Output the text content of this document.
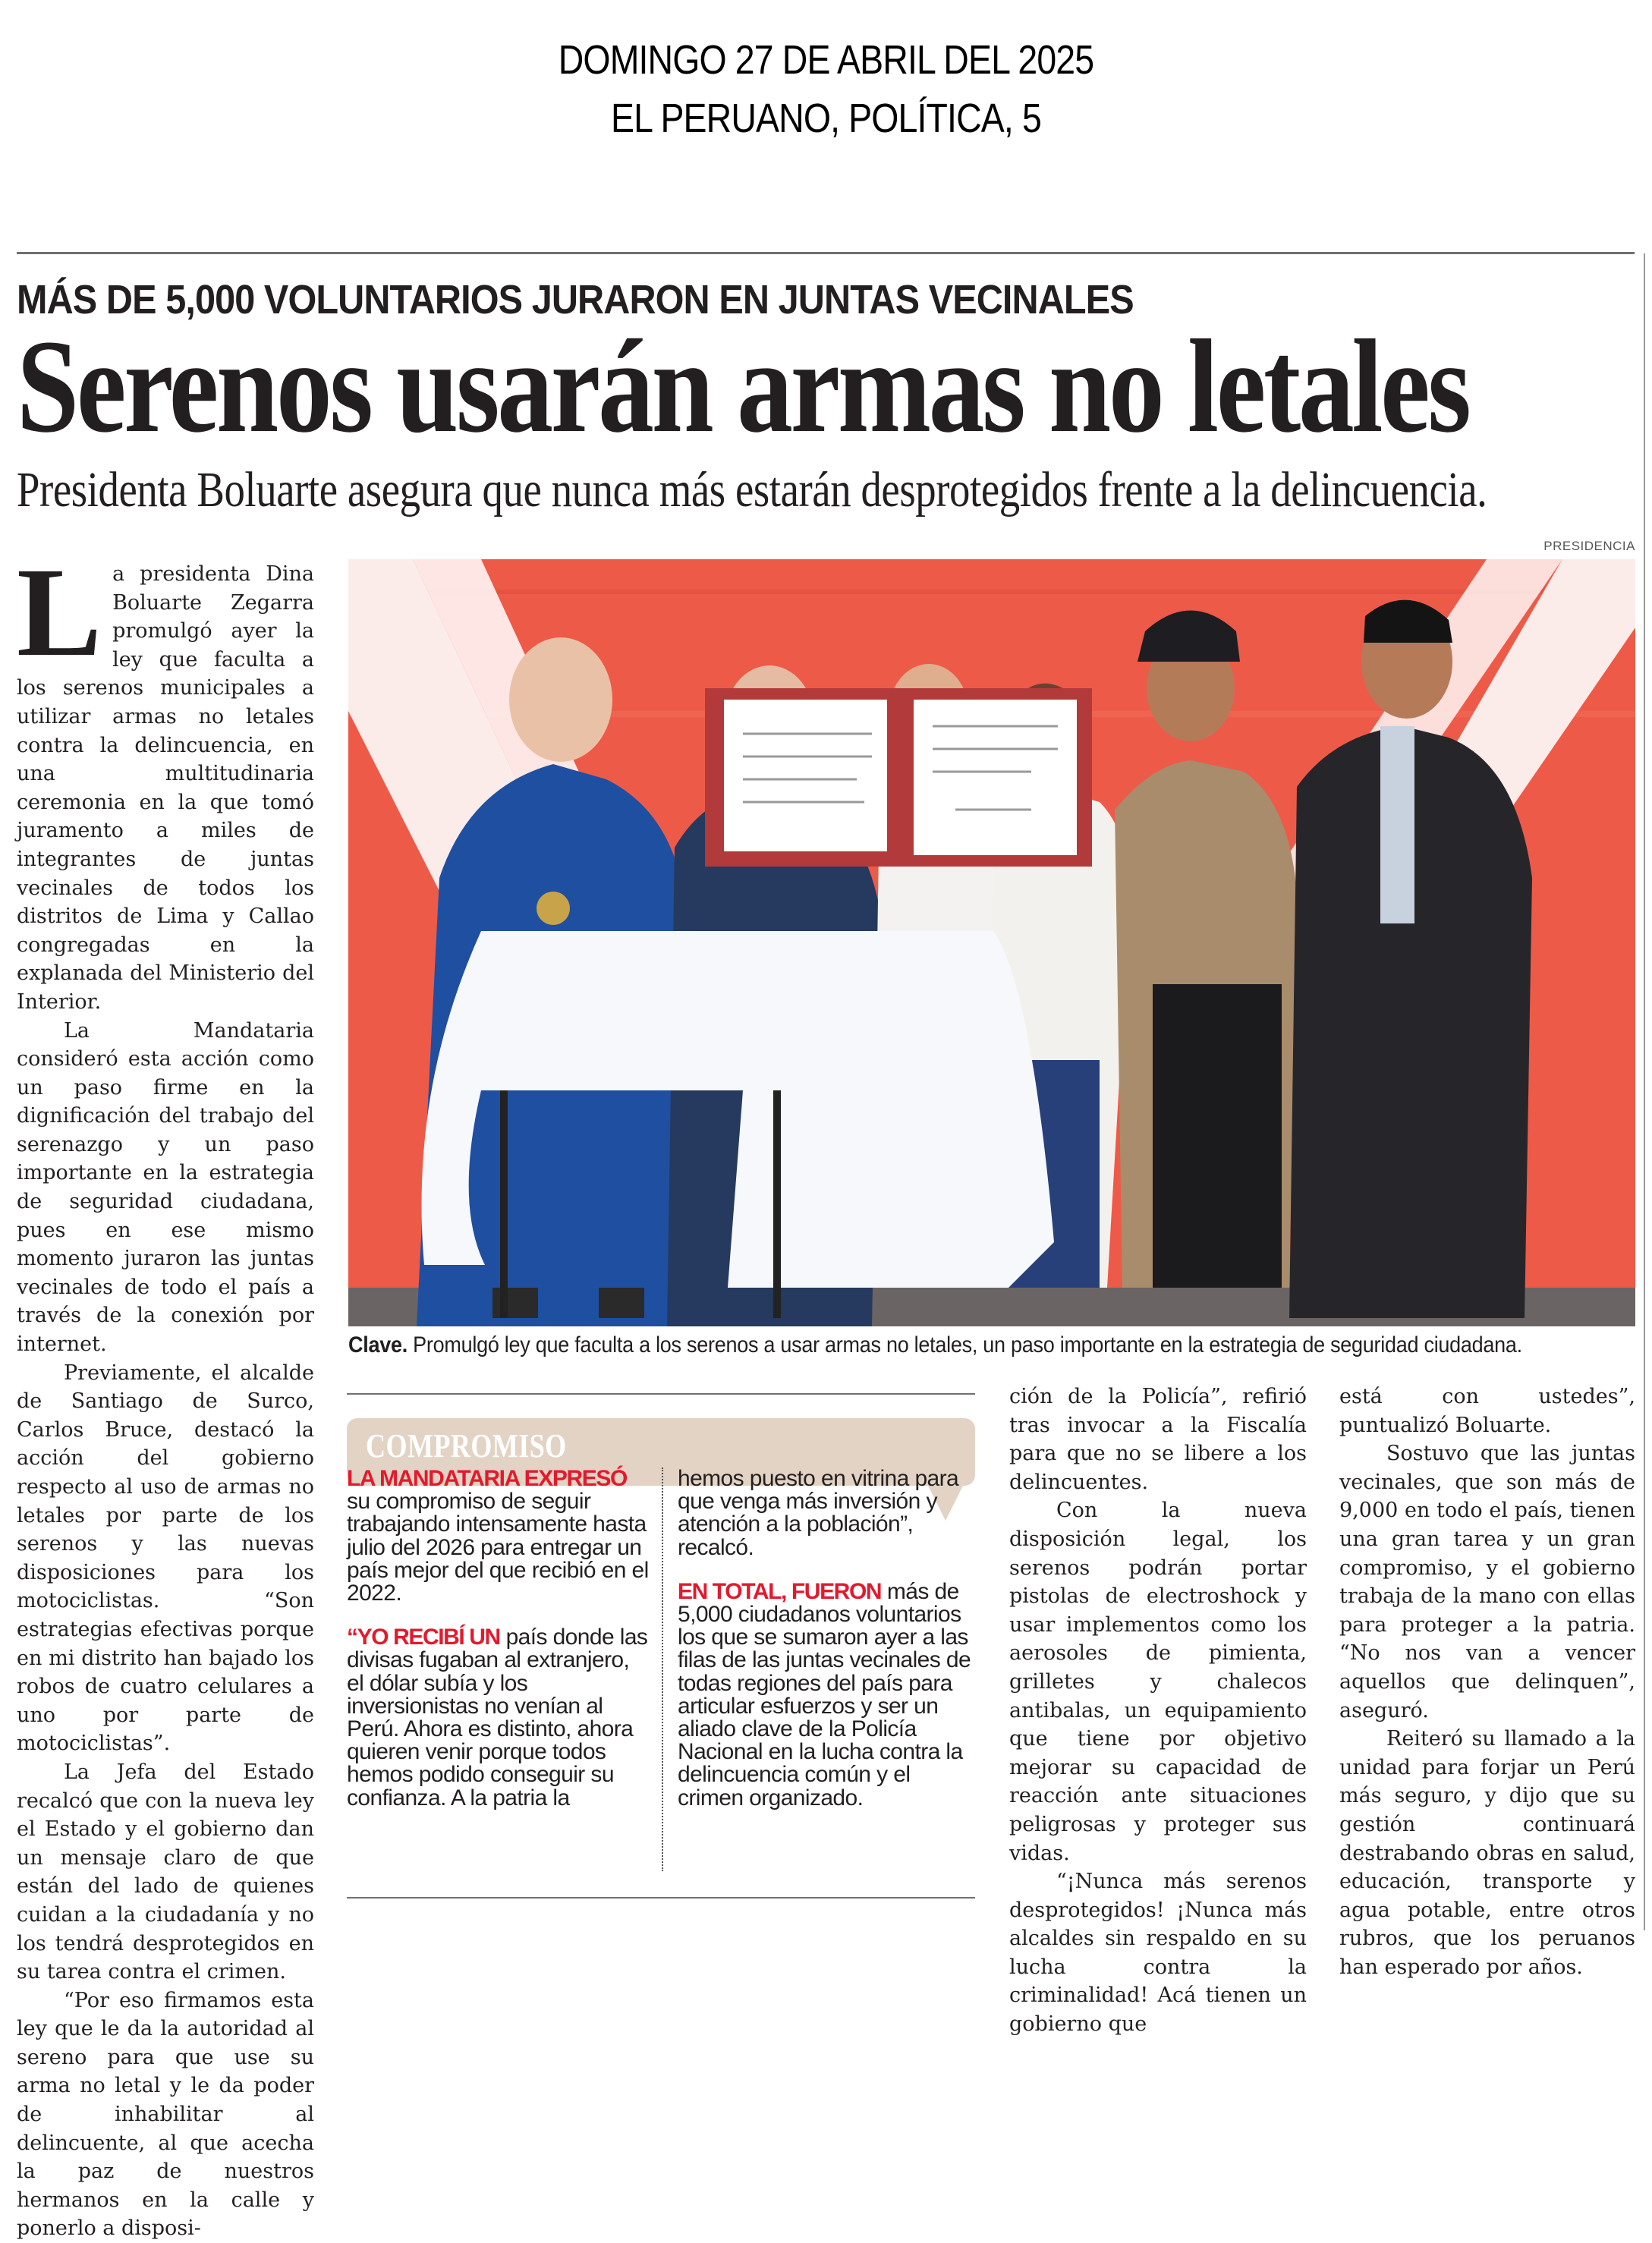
DOMINGO 27 DE ABRIL DEL 2025
EL PERUANO, POLÍTICA, 5
MÁS DE 5,000 VOLUNTARIOS JURARON EN JUNTAS VECINALES
Serenos usarán armas no letales
Presidenta Boluarte asegura que nunca más estarán desprotegidos frente a la delincuencia.
PRESIDENCIA

La presidenta Dina Boluarte Zegarra promulgó ayer la ley que faculta a los serenos municipales a utilizar armas no letales contra la delincuencia, en una multitudinaria ceremonia en la que tomó juramento a miles de integrantes de juntas vecinales de todos los distritos de Lima y Callao congregadas en la explanada del Ministerio del Interior.

La Mandataria consideró esta acción como un paso firme en la dignificación del trabajo del serenazgo y un paso importante en la estrategia de seguridad ciudadana, pues en ese mismo momento juraron las juntas vecinales de todo el país a través de la conexión por internet.

Previamente, el alcalde de Santiago de Surco, Carlos Bruce, destacó la acción del gobierno respecto al uso de armas no letales por parte de los serenos y las nuevas disposiciones para los motociclistas. “Son estrategias efectivas porque en mi distrito han bajado los robos de cuatro celulares a uno por parte de motociclistas”.

La Jefa del Estado recalcó que con la nueva ley el Estado y el gobierno dan un mensaje claro de que están del lado de quienes cuidan a la ciudadanía y no los tendrá desprotegidos en su tarea contra el crimen.

“Por eso firmamos esta ley que le da la autoridad al sereno para que use su arma no letal y le da poder de inhabilitar al delincuente, al que acecha la paz de nuestros hermanos en la calle y ponerlo a disposi-

Clave. Promulgó ley que faculta a los serenos a usar armas no letales, un paso importante en la estrategia de seguridad ciudadana.
COMPROMISO

LA MANDATARIA EXPRESÓ su compromiso de seguir trabajando intensamente hasta julio del 2026 para entregar un país mejor del que recibió en el 2022.

“YO RECIBÍ UN país donde las divisas fugaban al extranjero, el dólar subía y los inversionistas no venían al Perú. Ahora es distinto, ahora quieren venir porque todos hemos podido conseguir su confianza. A la patria la

hemos puesto en vitrina para que venga más inversión y atención a la población”, recalcó.

EN TOTAL, FUERON más de 5,000 ciudadanos voluntarios los que se sumaron ayer a las filas de las juntas vecinales de todas regiones del país para articular esfuerzos y ser un aliado clave de la Policía Nacional en la lucha contra la delincuencia común y el crimen organizado.

ción de la Policía”, refirió tras invocar a la Fiscalía para que no se libere a los delincuentes.

Con la nueva disposición legal, los serenos podrán portar pistolas de electroshock y usar implementos como los aerosoles de pimienta, grilletes y chalecos antibalas, un equipamiento que tiene por objetivo mejorar su capacidad de reacción ante situaciones peligrosas y proteger sus vidas.

“¡Nunca más serenos desprotegidos! ¡Nunca más alcaldes sin respaldo en su lucha contra la criminalidad! Acá tienen un gobierno que

está con ustedes”, puntualizó Boluarte.

Sostuvo que las juntas vecinales, que son más de 9,000 en todo el país, tienen una gran tarea y un gran compromiso, y el gobierno trabaja de la mano con ellas para proteger a la patria. “No nos van a vencer aquellos que delinquen”, aseguró.

Reiteró su llamado a la unidad para forjar un Perú más seguro, y dijo que su gestión continuará destrabando obras en salud, educación, transporte y agua potable, entre otros rubros, que los peruanos han esperado por años.
